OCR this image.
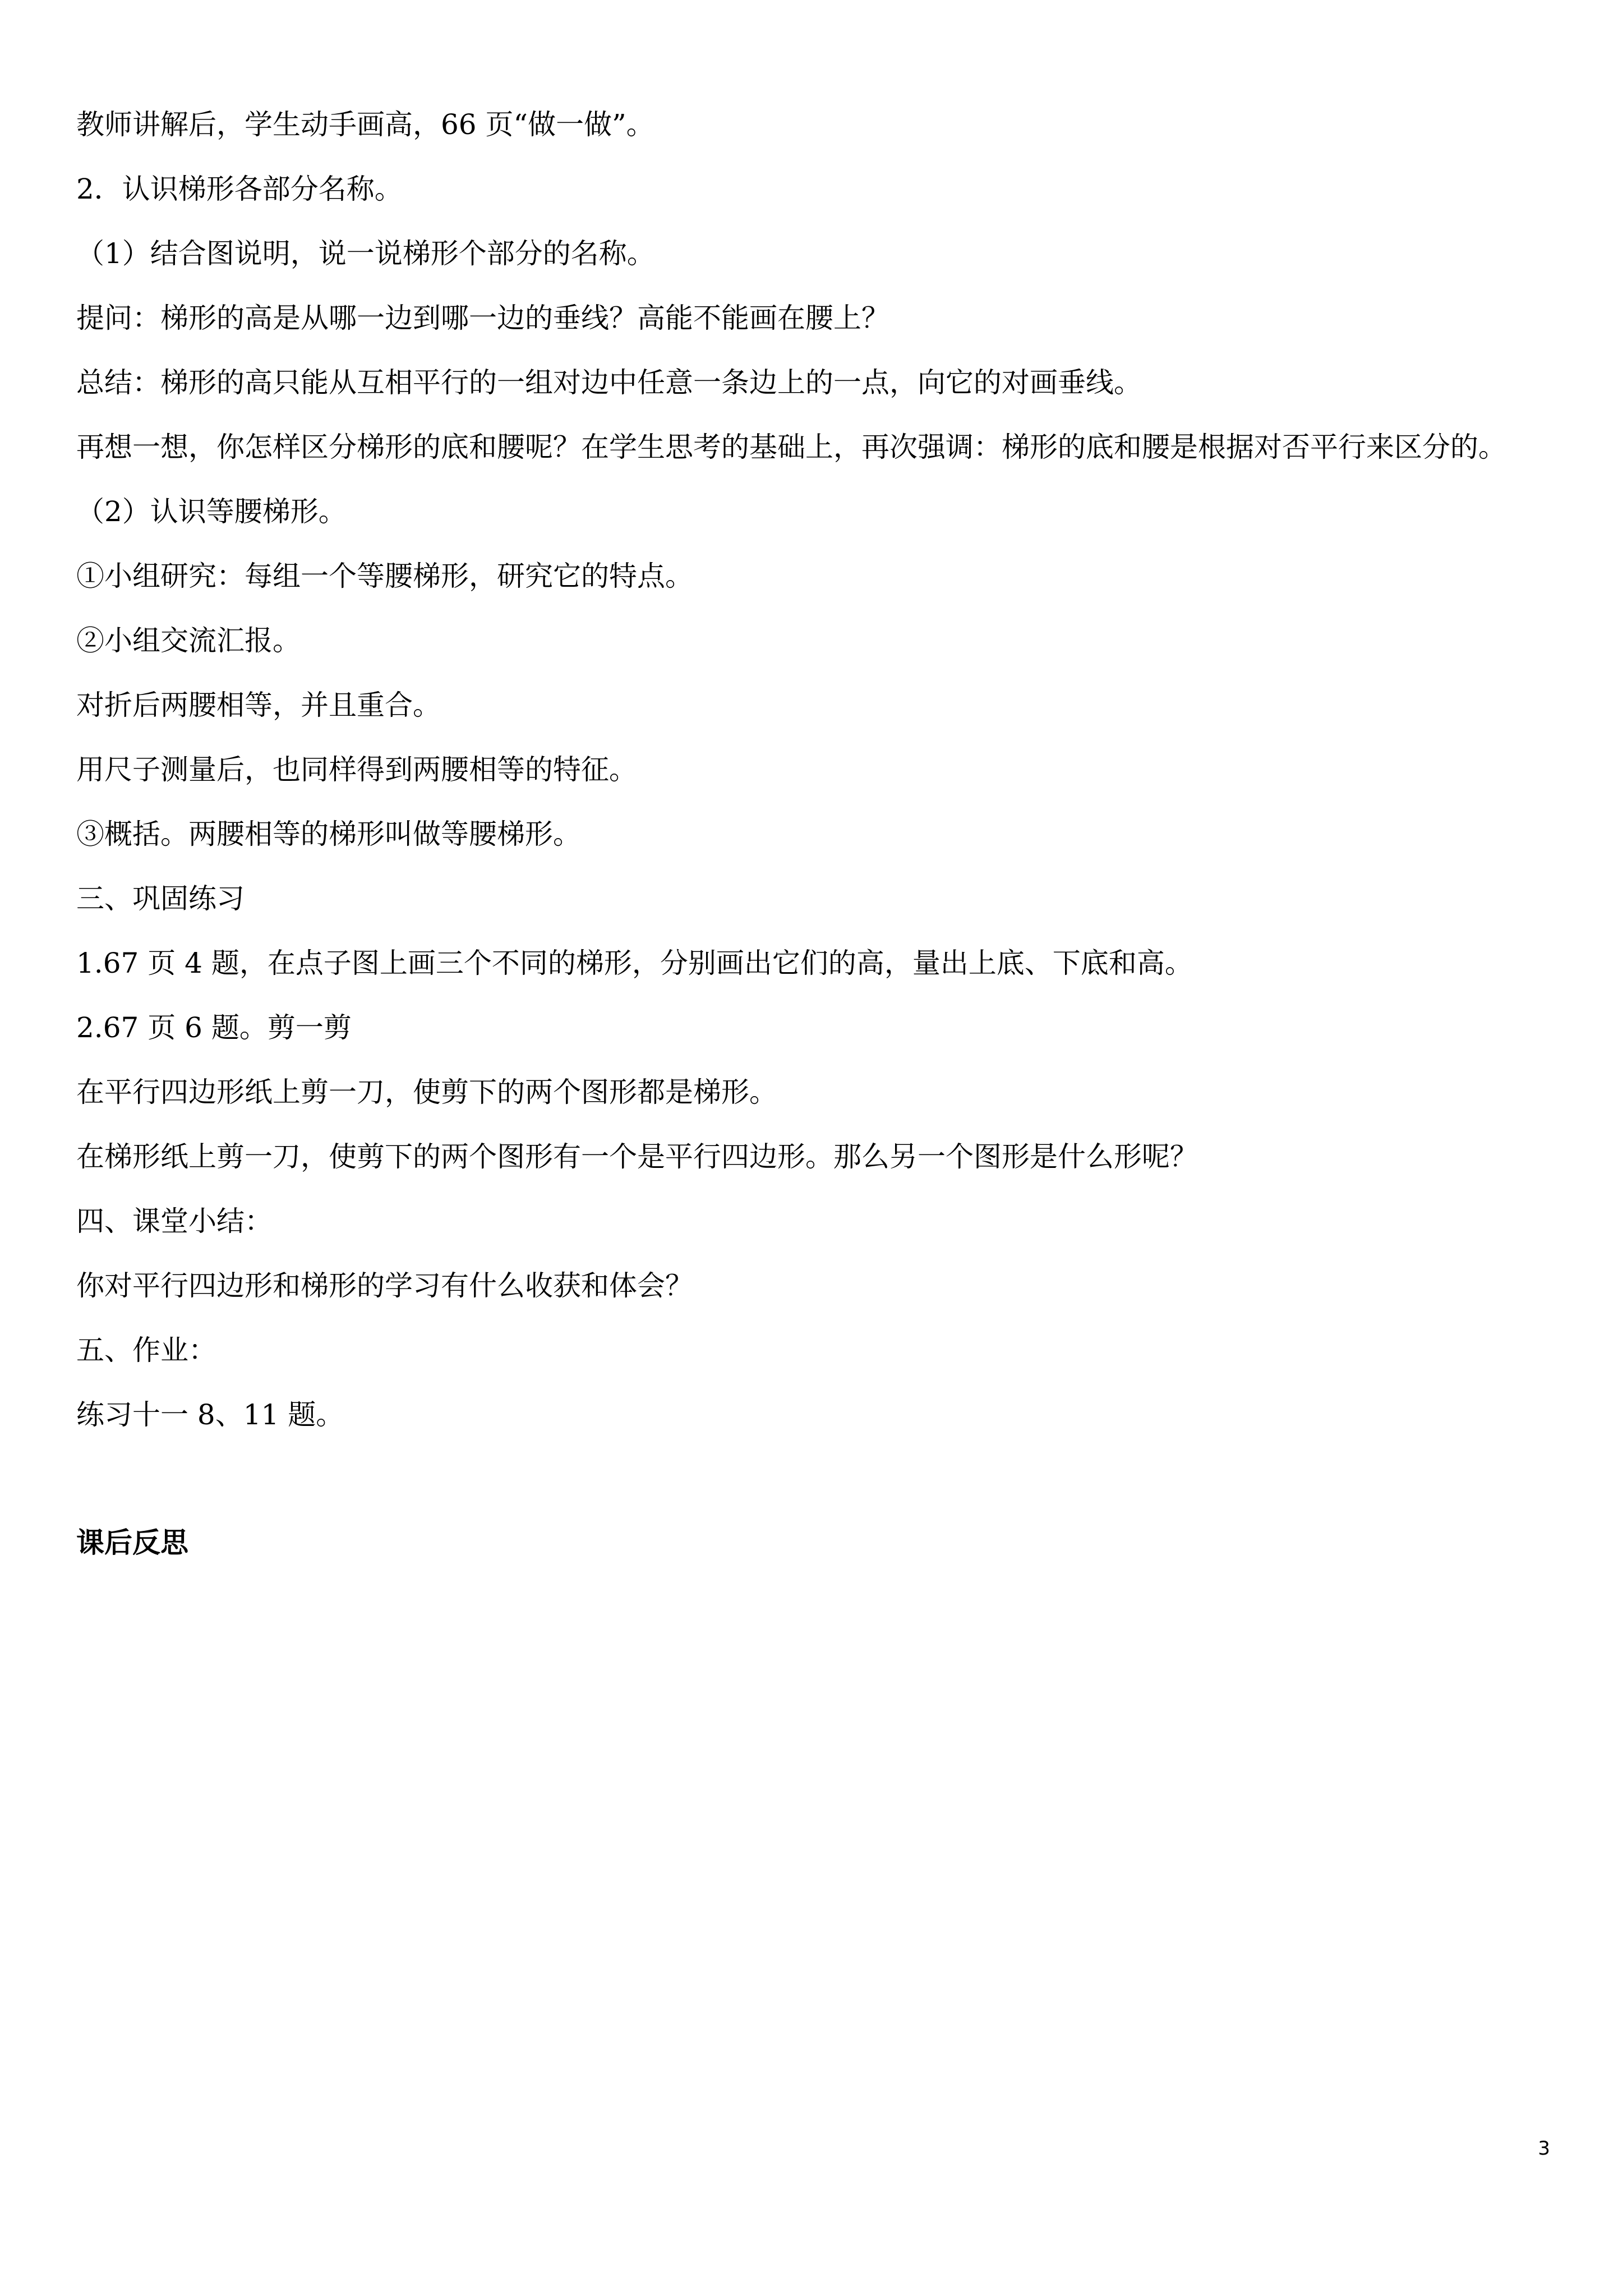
教师讲解后，学生动手画高，66 页“做一做”。
2．认识梯形各部分名称。
（1）结合图说明，说一说梯形个部分的名称。
提问：梯形的高是从哪一边到哪一边的垂线？高能不能画在腰上？
总结：梯形的高只能从互相平行的一组对边中任意一条边上的一点，向它的对画垂线。
再想一想，你怎样区分梯形的底和腰呢？在学生思考的基础上，再次强调：梯形的底和腰是根据对否平行来区分的。
（2）认识等腰梯形。
①小组研究：每组一个等腰梯形，研究它的特点。
②小组交流汇报。
对折后两腰相等，并且重合。
用尺子测量后，也同样得到两腰相等的特征。
③概括。两腰相等的梯形叫做等腰梯形。
三、巩固练习
1.67 页 4 题，在点子图上画三个不同的梯形，分别画出它们的高，量出上底、下底和高。
2.67 页 6 题。剪一剪
在平行四边形纸上剪一刀，使剪下的两个图形都是梯形。
在梯形纸上剪一刀，使剪下的两个图形有一个是平行四边形。那么另一个图形是什么形呢？
四、课堂小结：
你对平行四边形和梯形的学习有什么收获和体会？
五、作业：
练习十一 8、11 题。
课后反思
3
